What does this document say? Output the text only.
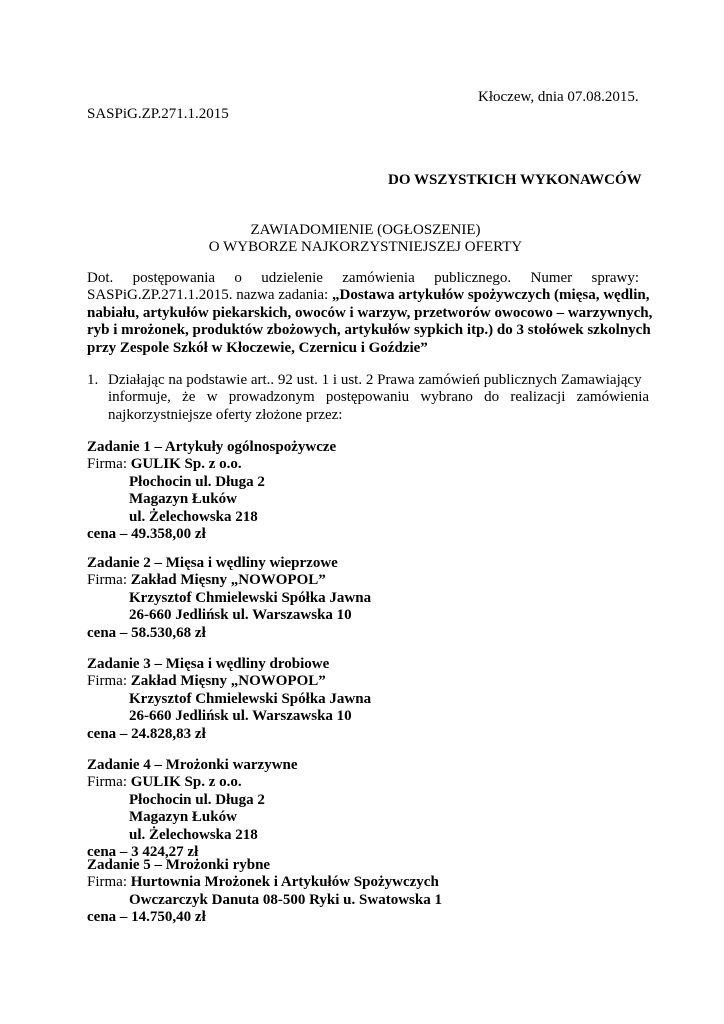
Kłoczew, dnia 07.08.2015.
SASPiG.ZP.271.1.2015
DO WSZYSTKICH WYKONAWCÓW
ZAWIADOMIENIE (OGŁOSZENIE)
O WYBORZE NAJKORZYSTNIEJSZEJ OFERTY
Dot.   postępowania   o   udzielenie   zamówienia   publicznego.   Numer   sprawy:
SASPiG.ZP.271.1.2015. nazwa zadania: „Dostawa artykułów spożywczych (mięsa, wędlin,
nabiału, artykułów piekarskich, owoców i warzyw, przetworów owocowo – warzywnych,
ryb i mrożonek, produktów zbożowych, artykułów sypkich itp.) do 3 stołówek szkolnych
przy Zespole Szkół w Kłoczewie, Czernicu i Goździe”
1. Działając na podstawie art.. 92 ust. 1 i ust. 2 Prawa zamówień publicznych Zamawiający
informuje,   że   w   prowadzonym   postępowaniu   wybrano   do   realizacji   zamówienia
najkorzystniejsze oferty złożone przez:
Zadanie 1 – Artykuły ogólnospożywcze
Firma: GULIK Sp. z o.o.
Płochocin ul. Długa 2
Magazyn Łuków
ul. Żelechowska 218
cena – 49.358,00 zł
Zadanie 2 – Mięsa i wędliny wieprzowe
Firma: Zakład Mięsny „NOWOPOL”
Krzysztof Chmielewski Spółka Jawna
26-660 Jedlińsk ul. Warszawska 10
cena – 58.530,68 zł
Zadanie 3 – Mięsa i wędliny drobiowe
Firma: Zakład Mięsny „NOWOPOL”
Krzysztof Chmielewski Spółka Jawna
26-660 Jedlińsk ul. Warszawska 10
cena – 24.828,83 zł
Zadanie 4 – Mrożonki warzywne
Firma: GULIK Sp. z o.o.
Płochocin ul. Długa 2
Magazyn Łuków
ul. Żelechowska 218
cena – 3 424,27 zł
Zadanie 5 – Mrożonki rybne
Firma: Hurtownia Mrożonek i Artykułów Spożywczych
Owczarczyk Danuta 08-500 Ryki u. Swatowska 1
cena – 14.750,40 zł
